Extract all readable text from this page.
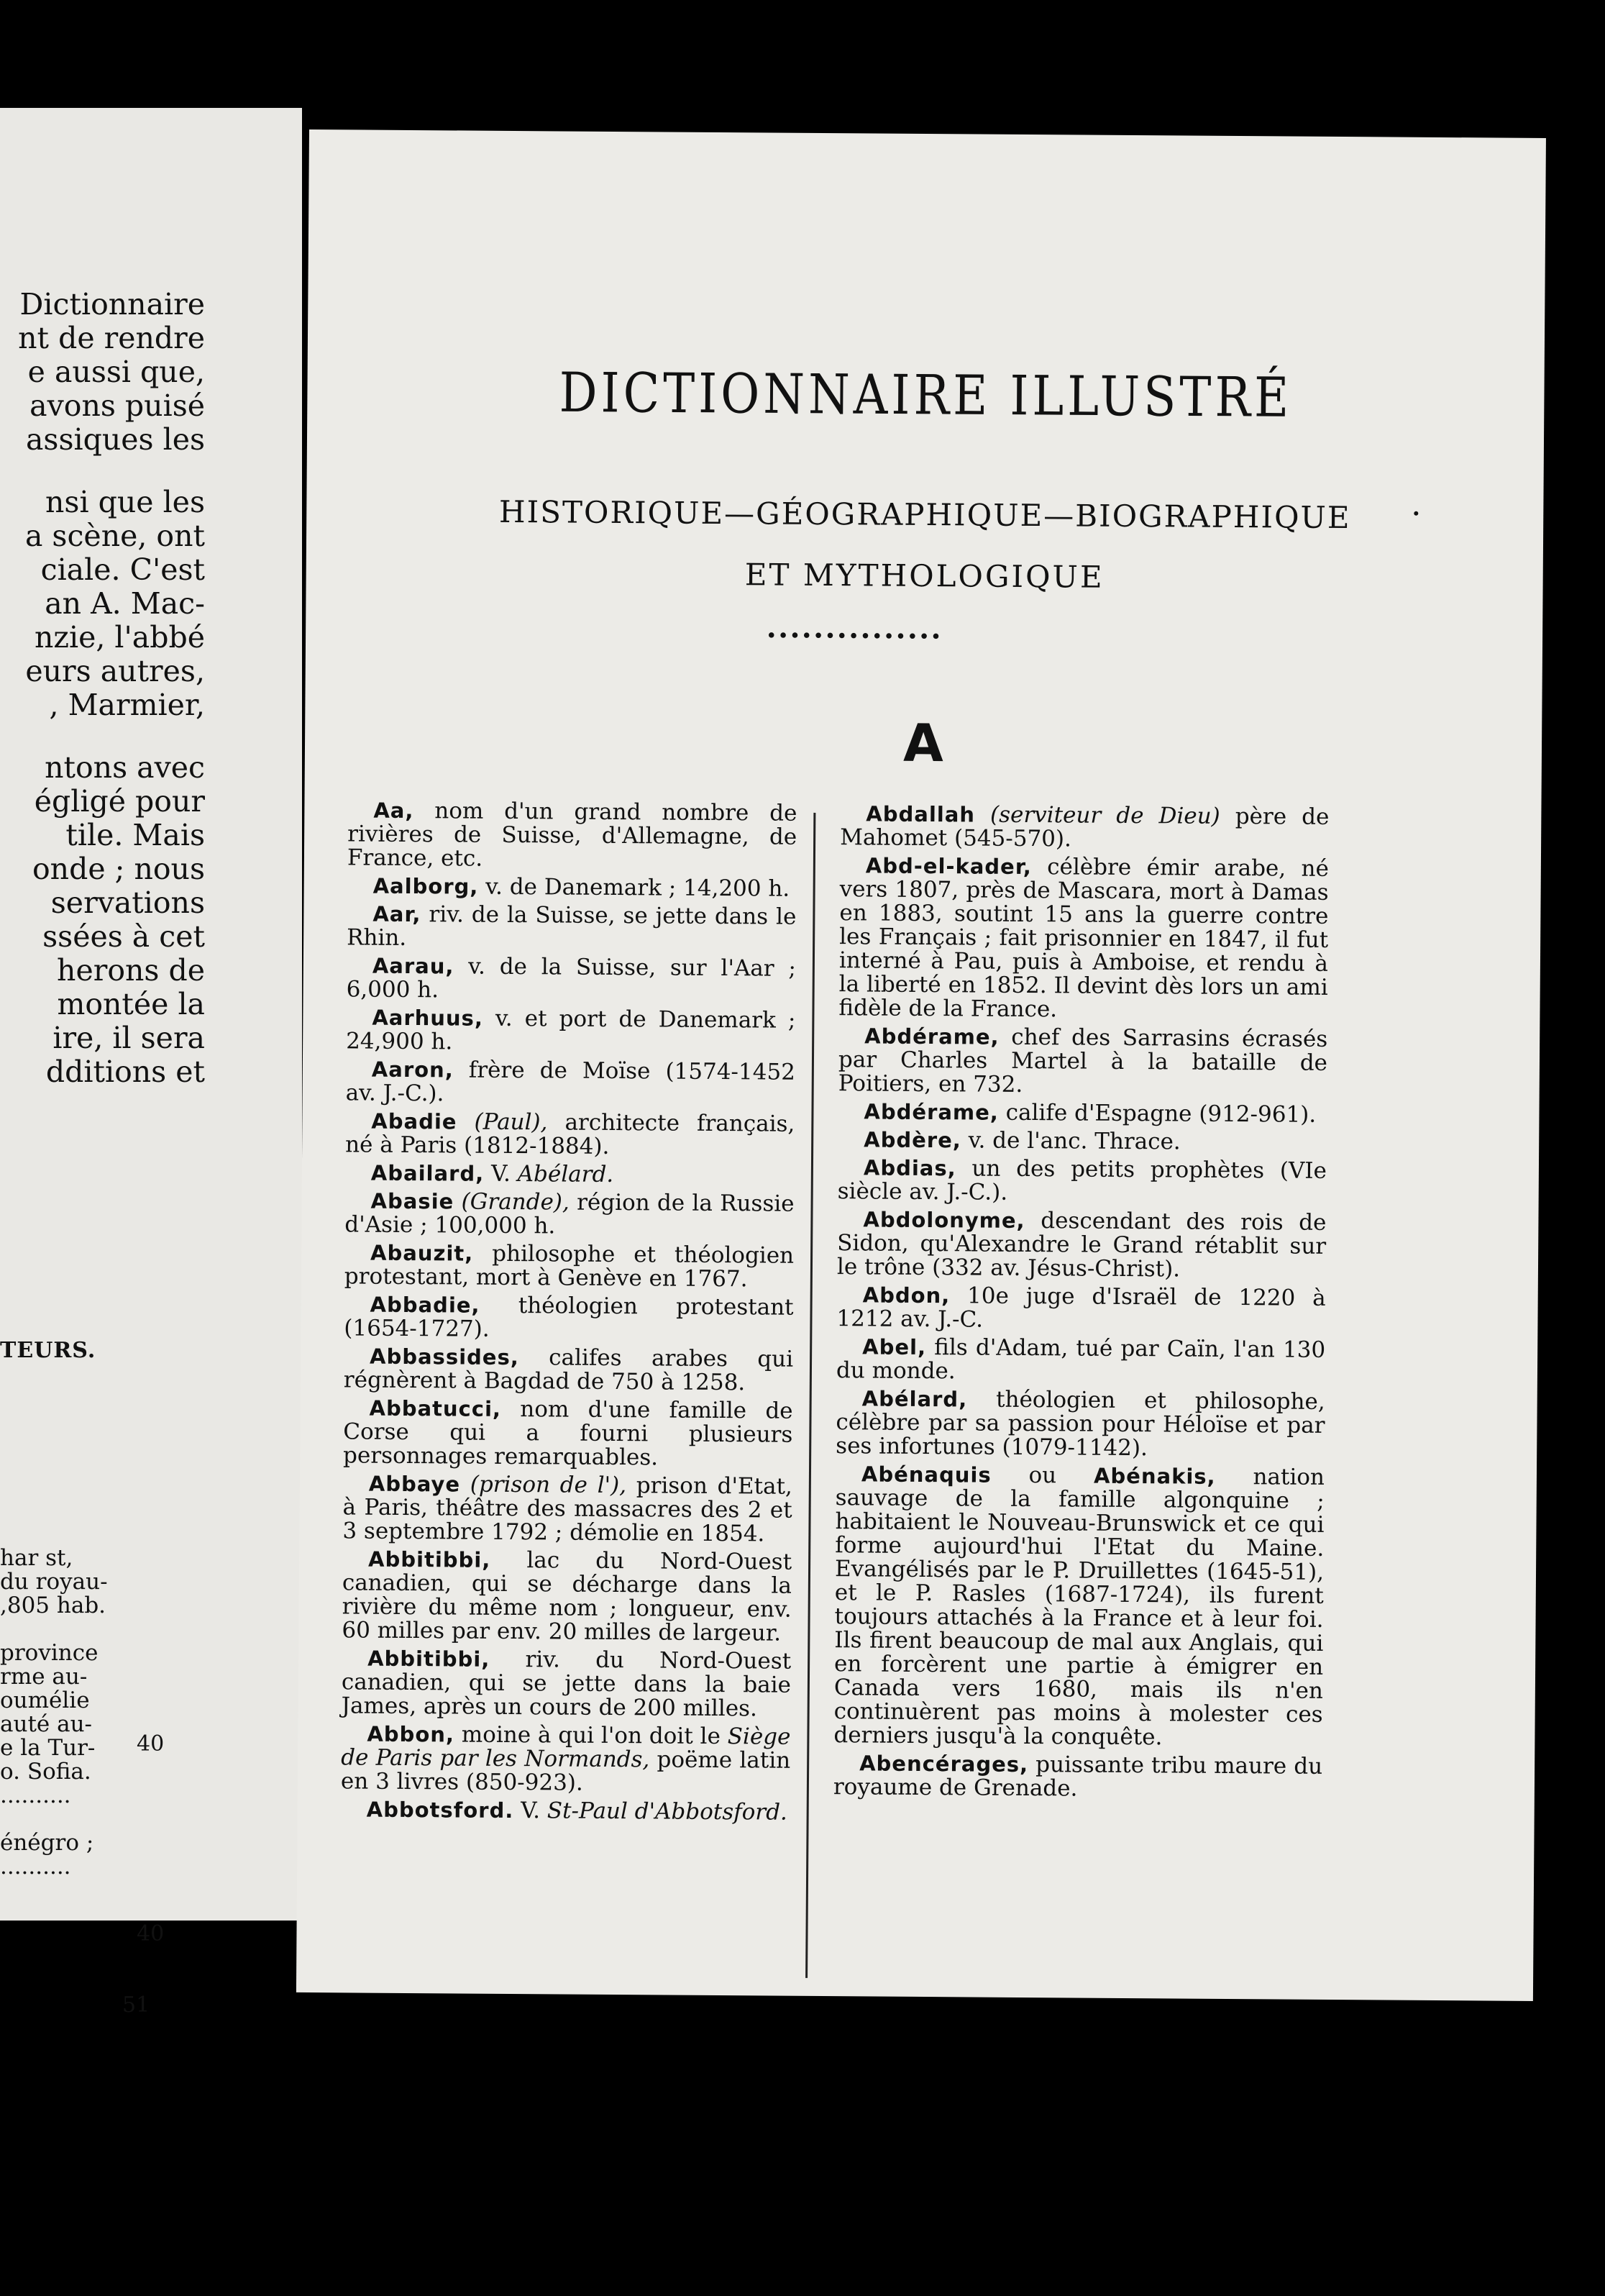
Dictionnaire
nt de rendre
e aussi que,
avons puisé
assiques les
nsi que les
a scène, ont
ciale. C'est
an A. Mac-
nzie, l'abbé
eurs autres,
, Marmier,
ntons avec
égligé pour
tile. Mais
onde ; nous
servations
ssées à cet
herons de
montée la
ire, il sera
dditions et
TEURS.
har st,
du royau-
,805 hab.

province
rme au-
oumélie
auté au-
e la Tur-
o. Sofia.
..........

énégro ;
..........
40
40
51
DICTIONNAIRE ILLUSTRÉ
HISTORIQUE—GÉOGRAPHIQUE—BIOGRAPHIQUE
ET MYTHOLOGIQUE
•••••••••••••••
A

Aa, nom d'un grand nombre de rivières de Suisse, d'Allemagne, de France, etc.

Aalborg, v. de Danemark ; 14,200 h.

Aar, riv. de la Suisse, se jette dans le Rhin.

Aarau, v. de la Suisse, sur l'Aar ; 6,000 h.

Aarhuus, v. et port de Danemark ; 24,900 h.

Aaron, frère de Moïse (1574-1452 av. J.-C.).

Abadie (Paul), architecte français, né à Paris (1812-1884).

Abailard, V. Abélard.

Abasie (Grande), région de la Russie d'Asie ; 100,000 h.

Abauzit, philosophe et théologien protestant, mort à Genève en 1767.

Abbadie, théologien protestant (1654-1727).

Abbassides, califes arabes qui régnèrent à Bagdad de 750 à 1258.

Abbatucci, nom d'une famille de Corse qui a fourni plusieurs personnages remarquables.

Abbaye (prison de l'), prison d'Etat, à Paris, théâtre des massacres des 2 et 3 septembre 1792 ; démolie en 1854.

Abbitibbi, lac du Nord-Ouest canadien, qui se décharge dans la rivière du même nom ; longueur, env. 60 milles par env. 20 milles de largeur.

Abbitibbi, riv. du Nord-Ouest canadien, qui se jette dans la baie James, après un cours de 200 milles.

Abbon, moine à qui l'on doit le Siège de Paris par les Normands, poëme latin en 3 livres (850-923).

Abbotsford. V. St-Paul d'Abbotsford.

Abdallah (serviteur de Dieu) père de Mahomet (545-570).

Abd-el-kader, célèbre émir arabe, né vers 1807, près de Mascara, mort à Damas en 1883, soutint 15 ans la guerre contre les Français ; fait prisonnier en 1847, il fut interné à Pau, puis à Amboise, et rendu à la liberté en 1852. Il devint dès lors un ami fidèle de la France.

Abdérame, chef des Sarrasins écrasés par Charles Martel à la bataille de Poitiers, en 732.

Abdérame, calife d'Espagne (912-961).

Abdère, v. de l'anc. Thrace.

Abdias, un des petits prophètes (VIe siècle av. J.-C.).

Abdolonyme, descendant des rois de Sidon, qu'Alexandre le Grand rétablit sur le trône (332 av. Jésus-Christ).

Abdon, 10e juge d'Israël de 1220 à 1212 av. J.-C.

Abel, fils d'Adam, tué par Caïn, l'an 130 du monde.

Abélard, théologien et philosophe, célèbre par sa passion pour Héloïse et par ses infortunes (1079-1142).

Abénaquis ou Abénakis, nation sauvage de la famille algonquine ; habitaient le Nouveau-Brunswick et ce qui forme aujourd'hui l'Etat du Maine. Evangélisés par le P. Druillettes (1645-51), et le P. Rasles (1687-1724), ils furent toujours attachés à la France et à leur foi. Ils firent beaucoup de mal aux Anglais, qui en forcèrent une partie à émigrer en Canada vers 1680, mais ils n'en continuèrent pas moins à molester ces derniers jusqu'à la conquête.

Abencérages, puissante tribu maure du royaume de Grenade.
